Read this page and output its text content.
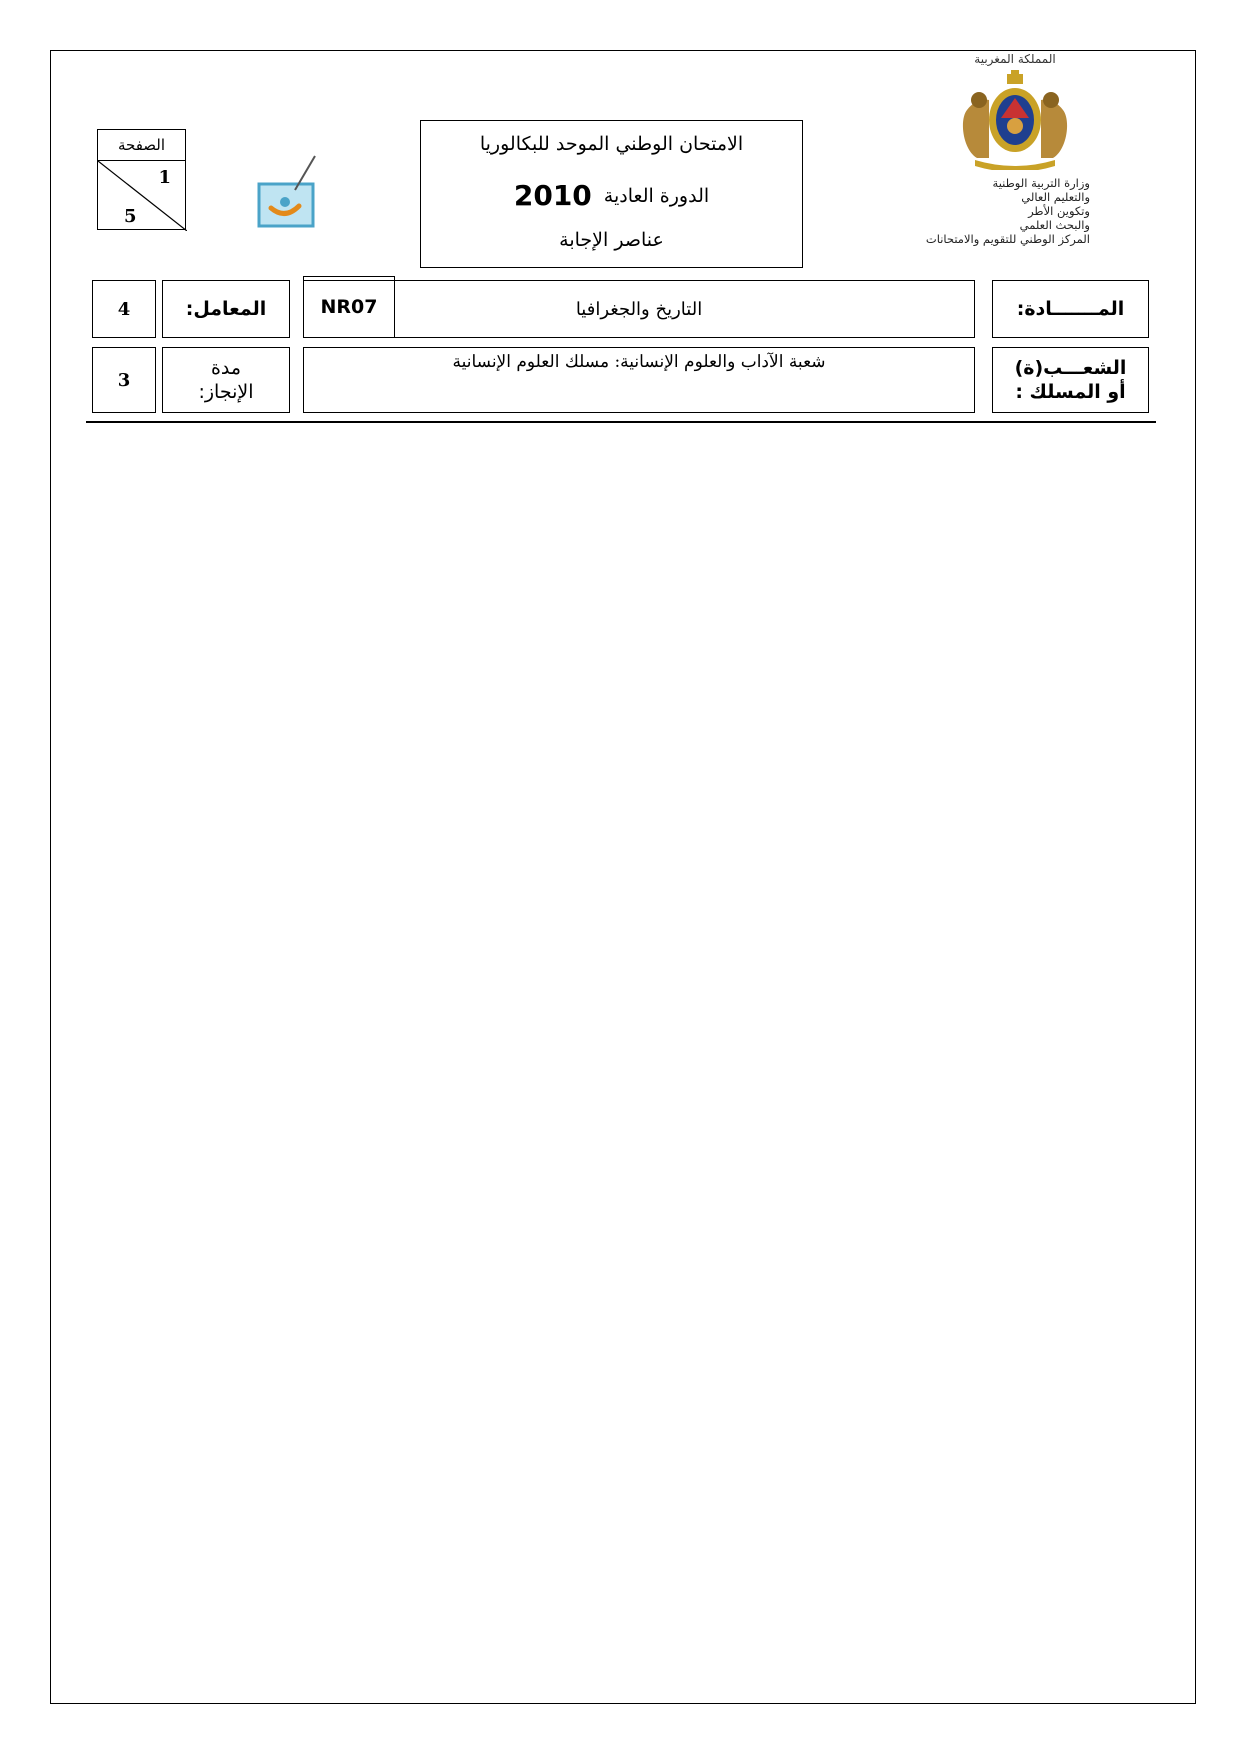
المملكة المغربية
وزارة التربية الوطنية
والتعليم العالي
وتكوين الأطر
والبحث العلمي
المركز الوطني للتقويم والامتحانات
الامتحان الوطني الموحد للبكالوريا
الدورة العادية
2010
عناصر الإجابة
الصفحة
1
5
المـــــــادة:
التاريخ والجغرافيا
NR07
المعامل:
4
الشعـــب(ة)
أو المسلك :
شعبة الآداب والعلوم الإنسانية: مسلك العلوم الإنسانية
مدة
الإنجاز:
3
